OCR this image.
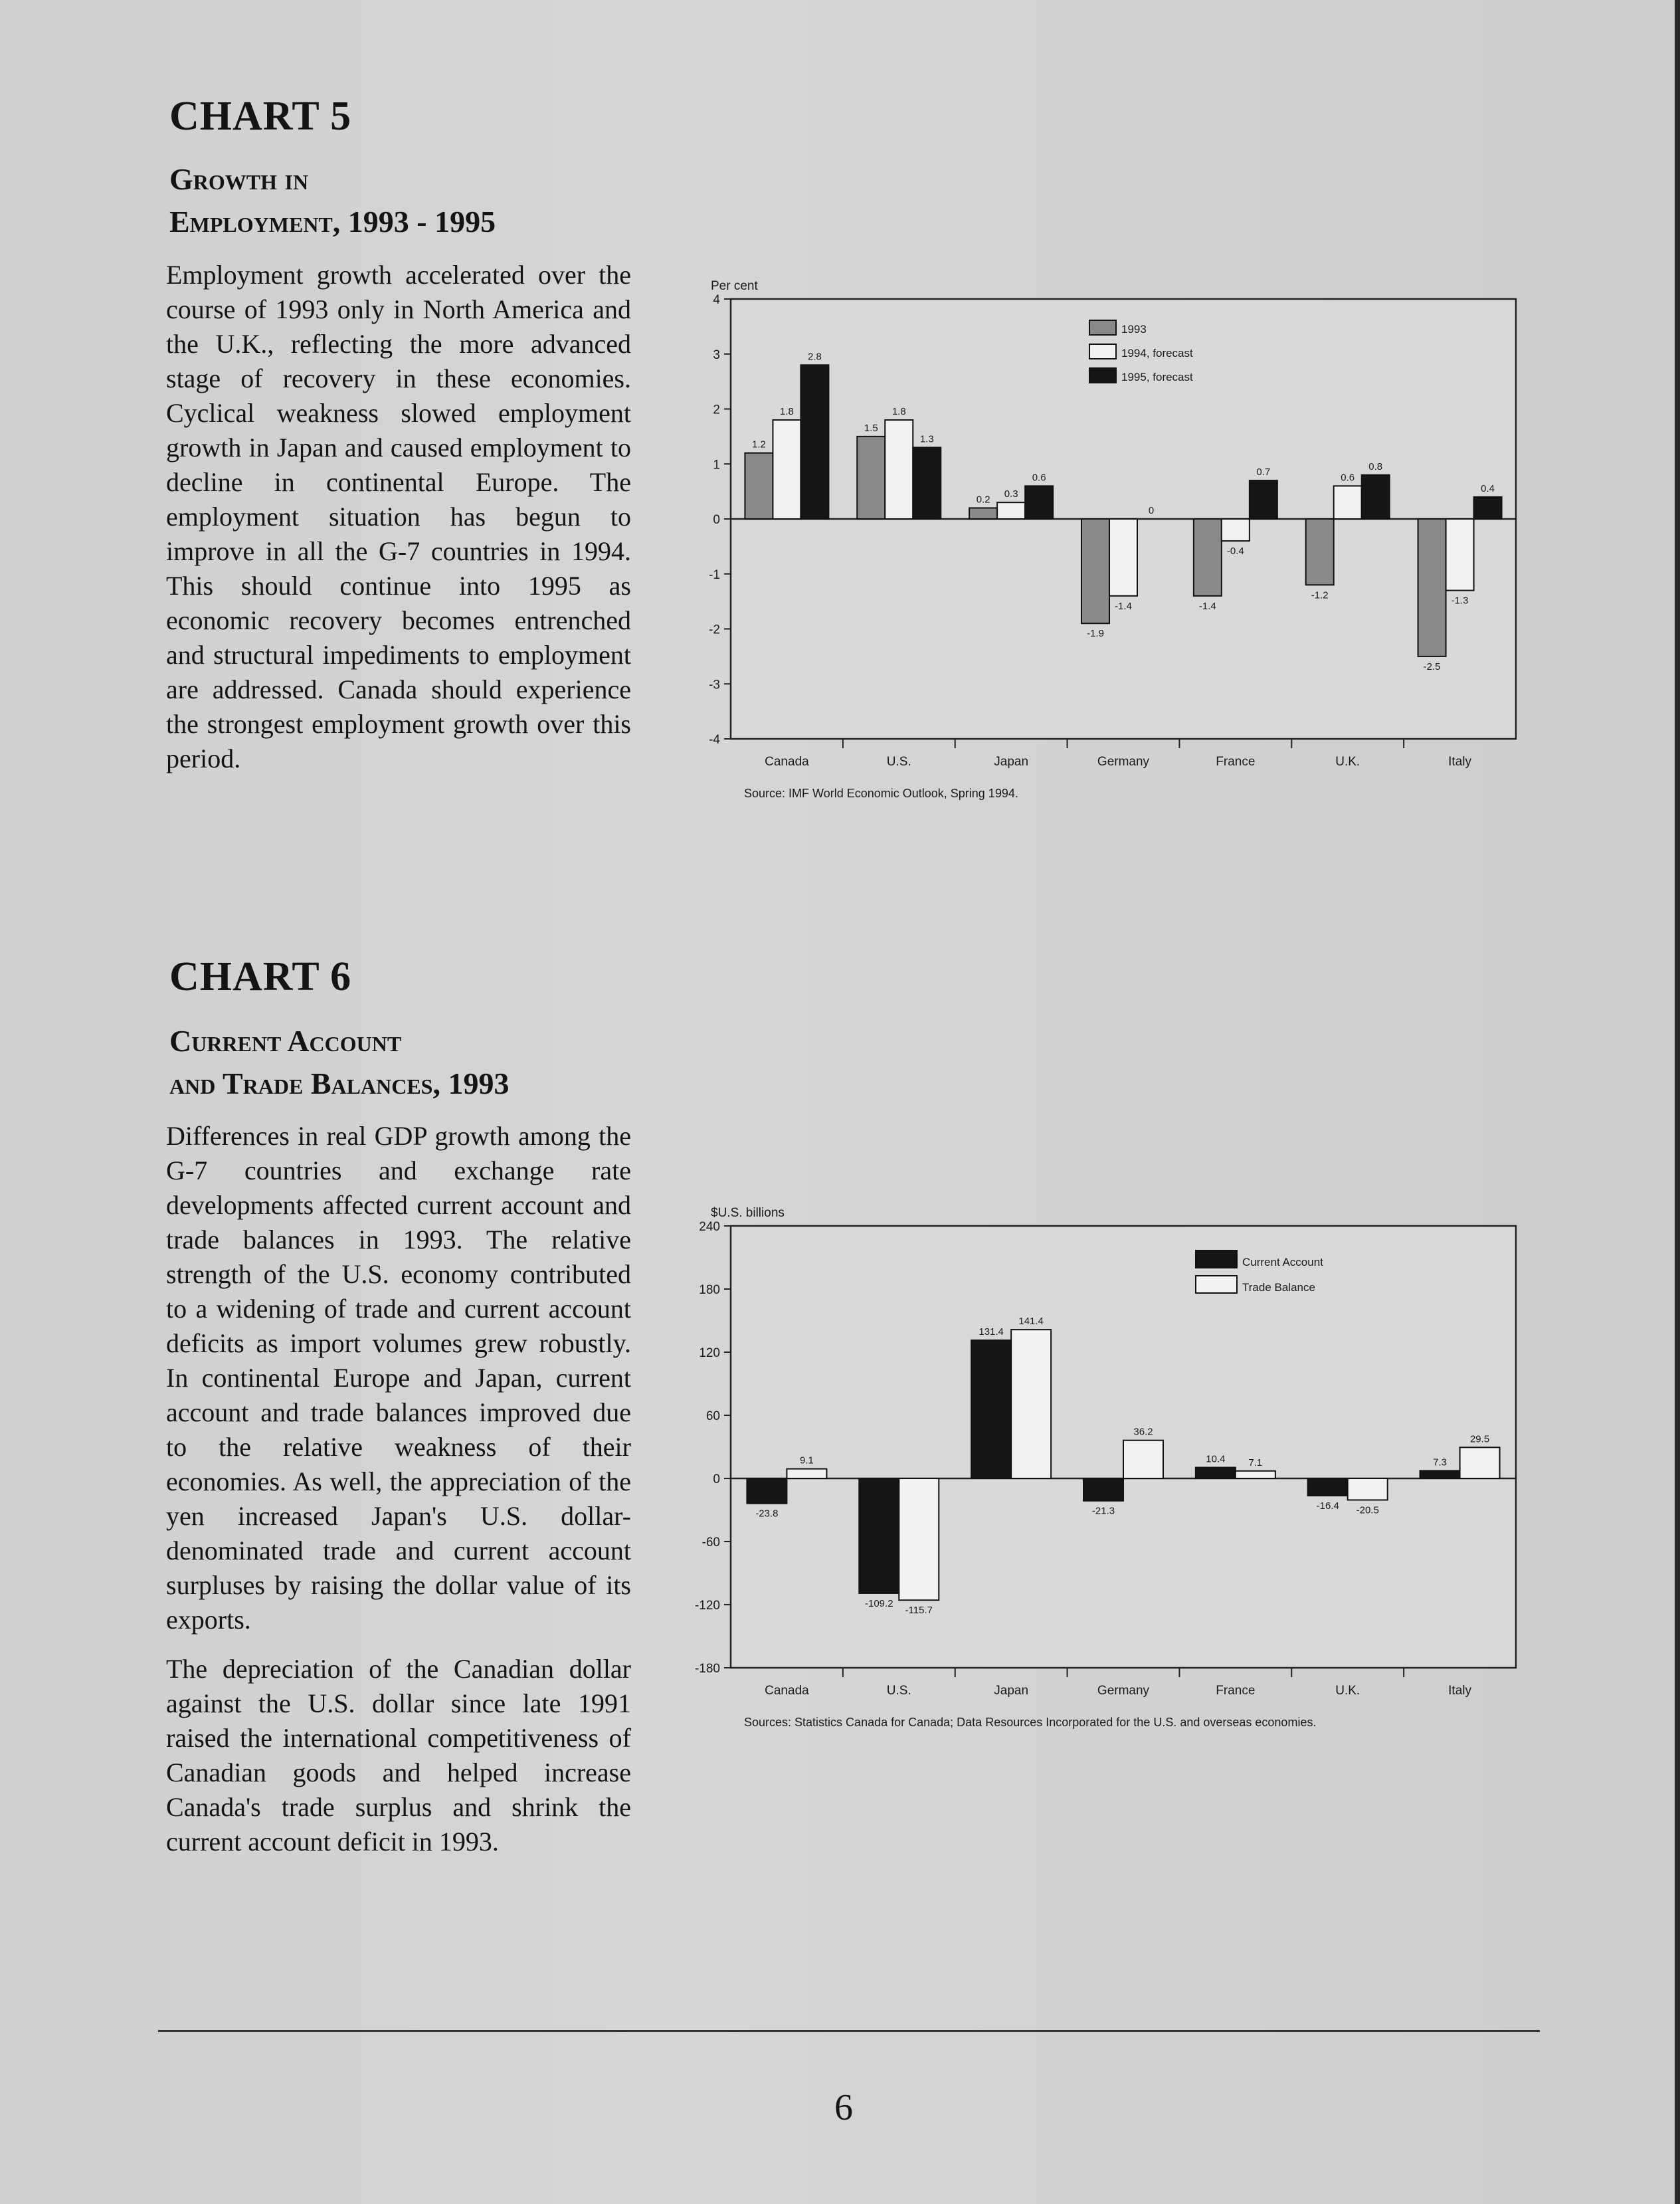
CHART 5
Growth in
Employment, 1993 - 1995

Employment growth accelerated over the course of 1993 only in North America and the U.K., reflecting the more advanced stage of recovery in these economies. Cyclical weakness slowed employment growth in Japan and caused employment to decline in continental Europe. The employment situation has begun to improve in all the G-7 countries in 1994. This should continue into 1995 as economic recovery becomes entrenched and structural impediments to employment are addressed. Canada should experience the strongest employment growth over this period.

Per cent
4
3
2
1
0
-1
-2
-3
-4
Canada
1.2
1.8
2.8
U.S.
1.5
1.8
1.3
Japan
0.2 0.3
0.6
Germany
-1.9
-1.4
0
France
-1.4
-0.4
0.7
U.K.
-1.2
0.6
0.8
Italy
-2.5
-1.3
0.4
1993
1994, forecast
1995, forecast
Source: IMF World Economic Outlook, Spring 1994.
CHART 6
Current Account
and Trade Balances, 1993

Differences in real GDP growth among the G-7 countries and exchange rate developments affected current account and trade balances in 1993. The relative strength of the U.S. economy contributed to a widening of trade and current account deficits as import volumes grew robustly. In continental Europe and Japan, current account and trade balances improved due to the relative weakness of their economies. As well, the appreciation of the yen increased Japan's U.S. dollar-denominated trade and current account surpluses by raising the dollar value of its exports.

The depreciation of the Canadian dollar against the U.S. dollar since late 1991 raised the international competitiveness of Canadian goods and helped increase Canada's trade surplus and shrink the current account deficit in 1993.

$U.S. billions
240
180
120
60
0
-60
-120
-180
Canada
-23.8
9.1
U.S.
-109.2
-115.7
Japan
131.4
141.4
Germany
-21.3
36.2
France
10.4 7.1
U.K.
-16.4 -20.5
Italy
7.3
29.5
Current Account
Trade Balance
Sources: Statistics Canada for Canada; Data Resources Incorporated for the U.S. and overseas economies.
6
